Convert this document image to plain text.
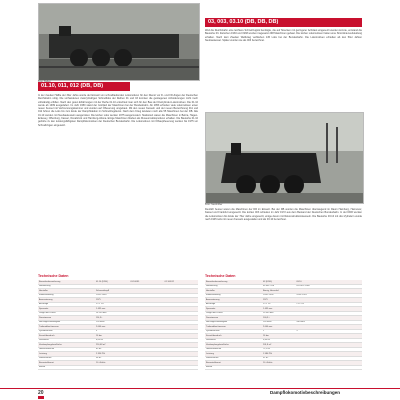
03, 003, 03.10 (DB, DB, DB)
Weil die Reichsbahn eine leichtere Schnellzuglok benötigte, die auf Strecken mit geringerer Achslast eingesetzt werden konnte, entstand die Baureihe 03. Zwischen 1930 und 1938 wurden insgesamt 298 Maschinen gebaut. Die letzten Lokomotiven hatten eine Stromlinienverkleidung erhalten. Nach dem Zweiten Weltkrieg verblieben 145 Loks bei der Bundesbahn. Die Lokomotiven erhielten ab den 50er Jahren Neubaukessel. Später wurden sie als 003 bezeichnet.
01.10, 011, 012 (DB, DB)
In der zweiten Hälfte der 30er Jahre wurde der Einsatz von schnelllaufenden Lokomotiven für den Dienst vor D- und FD-Zügen der Deutschen Reichsbahn nötig. Die vorhandenen zweizylindrigen Schnellloks der Reihen 01 und 03 konnten die gestiegenen Anforderungen nicht mehr vollständig erfüllen. Nach den guten Erfahrungen mit der Reihe 01.10 entschied man sich für den Bau der Dreizylinder-Lokomotiven. Die 01.10 wurde ab 1939 ausgeliefert. Im Jahr 1950 stand der Großteil der Maschinen bei der Bundesbahn. Ab 1953 erhielten viele Lokomotiven einen neuen Kessel mit Verbrennungskammer und wurden auf Ölfeuerung umgebaut. Mit den neuen Kesseln und der neuen Bezeichnung 011 und 012 fuhren die Loks bis zum Ende der Dampftraktion im Schnellzugdienst. Nach dem Krieg landeten noch alle 55 Maschinen bei der DB. Alle 01.10 wurden mit Neubaukesseln ausgerüstet. Die letzten Loks wurden 1975 ausgemustert. Stationiert waren die Maschinen in Bebra, Hagen-Eckesey, Offenburg, Kassel, Osnabrück und Hamburg-Altona. Einige Maschinen blieben als Museumslokomotiven erhalten. Die Baureihe 01.10 gehörte zu den leistungsfähigsten Dampflokomotiven der Deutschen Bundesbahn. Die Lokomotiven mit Ölhauptfeuerung wurden bis 1975 vor Schnellzügen eingesetzt.
Foto: Steinhilber
Deutlich besser waren die Maschinen der DR im Einsatz. Bei der DB wurden die Maschinen überwiegend im Raum Hamburg, Hannover, Kassel und Frankfurt eingesetzt. Die letzten 003 schieden im Jahr 1972 aus dem Bestand der Deutschen Bundesbahn. In der DDR wurden die Lokomotiven bis Ende der 70er Jahre eingesetzt, einige davon mit Rekonstruktionskesseln. Die Baureihe 03.10 mit drei Zylindern wurde nach 1945 teils mit neuen Kesseln ausgestattet und als 03.10 bezeichnet.
Technische Daten
Baureihenbezeichnung	01.10 (DRG)	01.10/011	01.10/012
Nummerung			
Hersteller	Schwartzkopff		
Indienststellung	1939–1940		
Ausmusterung	1975		
Achsfolge	2'C1' h3		
Spurweite	1.435 mm		
Länge über Puffer	24.130 mm		
Dienstmasse	114,3 t		
Höchstgeschwindigkeit	150 km/h		
Treibraddurchmesser	2.000 mm		
Zylinderanzahl	3		
Kesselüberdruck	16 bar		
Rostfläche	4,05 m²		
Verdampfungsheizfläche	216,68 m²		
Überhitzerfläche	85 m²		
Leistung	2.350 PSi		
Wasservorrat	38 m³		
Brennstoffvorrat	10 t Kohle		
Bauart			
Technische Daten
Baureihenbezeichnung	03 (DRG)	03.10	
Nummerung	03 001–298	03 1001–1060	
Hersteller	Borsig, Henschel		
Indienststellung	1930–1938	1939–1941	
Ausmusterung	1979		
Achsfolge	2'C1' h2	2'C1' h3	
Spurweite	1.435 mm		
Länge über Puffer	23.905 mm		
Dienstmasse	100,3 t		
Höchstgeschwindigkeit	130 km/h	140 km/h	
Treibraddurchmesser	2.000 mm		
Zylinderanzahl	2	3	
Kesselüberdruck	16 bar		
Rostfläche	3,89 m²		
Verdampfungsheizfläche	201,8 m²		
Überhitzerfläche	72,2 m²		
Leistung	1.980 PSi		
Wasservorrat	32 m³		
Brennstoffvorrat	10 t Kohle		
Bauart			
20	Dampflokomotivbeschreibungen
